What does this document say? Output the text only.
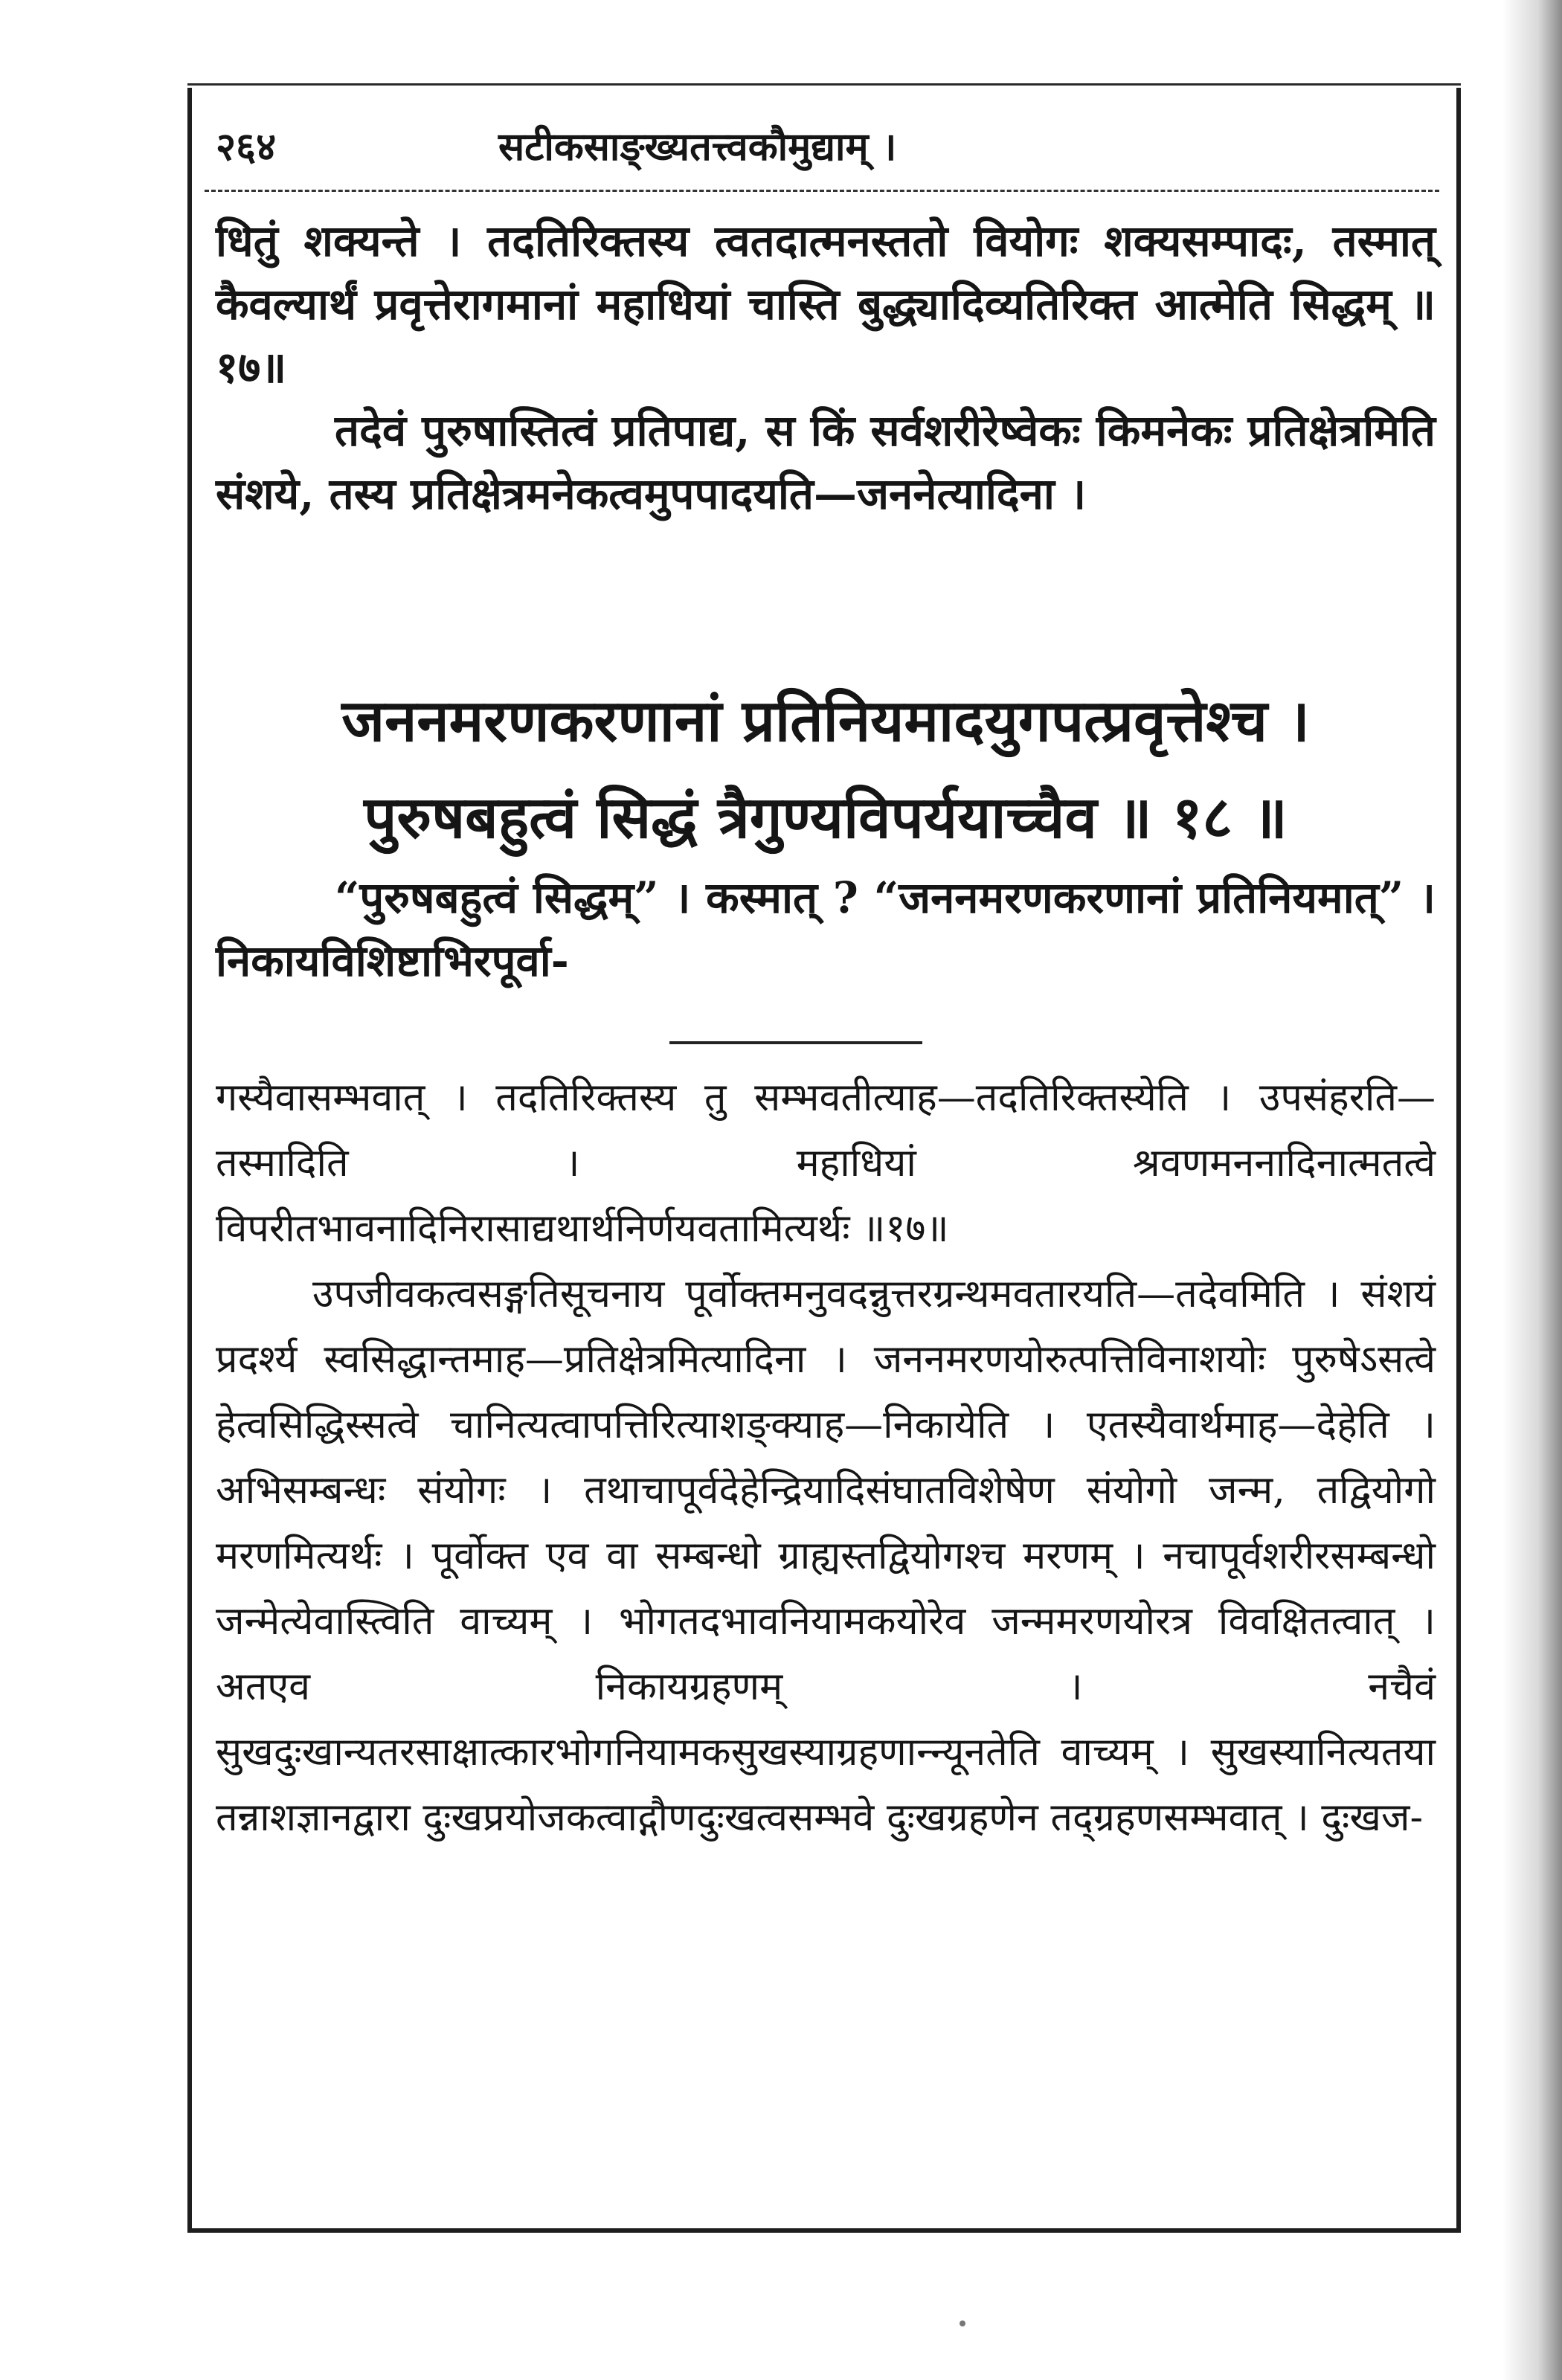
२६४	सटीकसाङ्ख्यतत्त्वकौमुद्याम् ।

धितुं शक्यन्ते । तदतिरिक्तस्य त्वतदात्मनस्ततो वियोगः शक्यसम्पादः, तस्मात् कैवल्यार्थं प्रवृत्तेरागमानां महाधियां चास्ति बुद्ध्यादिव्यतिरिक्त आत्मेति सिद्धम् ॥१७॥

तदेवं पुरुषास्तित्वं प्रतिपाद्य, स किं सर्वशरीरेष्वेकः किमनेकः प्रतिक्षेत्रमिति संशये, तस्य प्रतिक्षेत्रमनेकत्वमुपपादयति—जननेत्यादिना ।

जननमरणकरणानां प्रतिनियमादयुगपत्प्रवृत्तेश्च ।

पुरुषबहुत्वं सिद्धं त्रैगुण्यविपर्ययाच्चैव ॥ १८ ॥

“पुरुषबहुत्वं सिद्धम्” । कस्मात् ? “जननमरणकरणानां प्रतिनियमात्” । निकायविशिष्टाभिरपूर्वा-

गस्यैवासम्भवात् । तदतिरिक्तस्य तु सम्भवतीत्याह—तदतिरिक्तस्येति । उपसंहरति—तस्मादिति । महाधियां श्रवणमननादिनात्मतत्वे विपरीतभावनादिनिरासाद्यथार्थनिर्णयवतामित्यर्थः ॥१७॥

उपजीवकत्वसङ्गतिसूचनाय पूर्वोक्तमनुवदन्नुत्तरग्रन्थमवतारयति—तदेवमिति । संशयं प्रदर्श्य स्वसिद्धान्तमाह—प्रतिक्षेत्रमित्यादिना । जननमरणयोरुत्पत्तिविनाशयोः पुरुषेऽसत्वे हेत्वसिद्धिस्सत्वे चानित्यत्वापत्तिरित्याशङ्क्याह—निकायेति । एतस्यैवार्थमाह—देहेति । अभिसम्बन्धः संयोगः । तथाचापूर्वदेहेन्द्रियादिसंघातविशेषेण संयोगो जन्म, तद्वियोगो मरणमित्यर्थः । पूर्वोक्त एव वा सम्बन्धो ग्राह्यस्तद्वियोगश्च मरणम् । नचापूर्वशरीरसम्बन्धो जन्मेत्येवास्त्विति वाच्यम् । भोगतदभावनियामकयोरेव जन्ममरणयोरत्र विवक्षितत्वात् । अतएव निकायग्रहणम् । नचैवं सुखदुःखान्यतरसाक्षात्कारभोगनियामकसुखस्याग्रहणान्न्यूनतेति वाच्यम् । सुखस्यानित्यतया तन्नाशज्ञानद्वारा दुःखप्रयोजकत्वाद्गौणदुःखत्वसम्भवे दुःखग्रहणेन तद्ग्रहणसम्भवात् । दुःखज-
